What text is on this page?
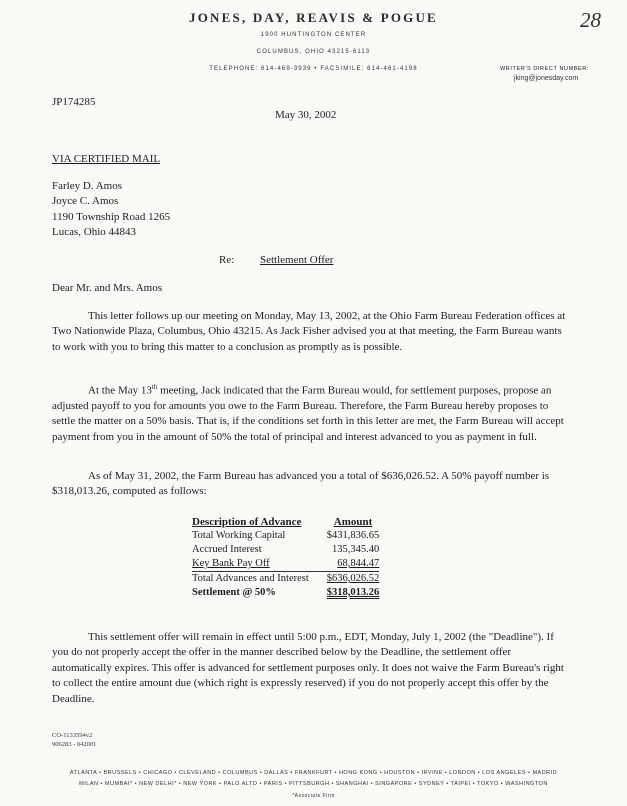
JONES, DAY, REAVIS & POGUE
1900 HUNTINGTON CENTER
COLUMBUS, OHIO 43215-6113
TELEPHONE: 614-469-3939 • FACSIMILE: 614-461-4198	WRITER'S DIRECT NUMBER:
jking@jonesday.com
28
JP174285
May 30, 2002
VIA CERTIFIED MAIL
Farley D. Amos
Joyce C. Amos
1190 Township Road 1265
Lucas, Ohio 44843
Re: Settlement Offer
Dear Mr. and Mrs. Amos
This letter follows up our meeting on Monday, May 13, 2002, at the Ohio Farm Bureau Federation offices at Two Nationwide Plaza, Columbus, Ohio 43215. As Jack Fisher advised you at that meeting, the Farm Bureau wants to work with you to bring this matter to a conclusion as promptly as is possible.
At the May 13th meeting, Jack indicated that the Farm Bureau would, for settlement purposes, propose an adjusted payoff to you for amounts you owe to the Farm Bureau. Therefore, the Farm Bureau hereby proposes to settle the matter on a 50% basis. That is, if the conditions set forth in this letter are met, the Farm Bureau will accept payment from you in the amount of 50% the total of principal and interest advanced to you as payment in full.
As of May 31, 2002, the Farm Bureau has advanced you a total of $636,026.52. A 50% payoff number is $318,013.26, computed as follows:
Description of Advance	Amount
Total Working Capital	$431,836.65
Accrued Interest	135,345.40
Key Bank Pay Off	68,844.47
Total Advances and Interest	$636,026.52
Settlement @ 50%	$318,013.26
This settlement offer will remain in effect until 5:00 p.m., EDT, Monday, July 1, 2002 (the "Deadline"). If you do not properly accept the offer in the manner described below by the Deadline, the settlement offer automatically expires. This offer is advanced for settlement purposes only. It does not waive the Farm Bureau's right to collect the entire amount due (which right is expressly reserved) if you do not properly accept this offer by the Deadline.
CO-1133594v2
906283 - 042001
ATLANTA • BRUSSELS • CHICAGO • CLEVELAND • COLUMBUS • DALLAS • FRANKFURT • HONG KONG • HOUSTON • IRVINE • LONDON • LOS ANGELES • MADRID
MILAN • MUMBAI* • NEW DELHI* • NEW YORK • PALO ALTO • PARIS • PITTSBURGH • SHANGHAI • SINGAPORE • SYDNEY • TAIPEI • TOKYO • WASHINGTON
*Associate Firm
